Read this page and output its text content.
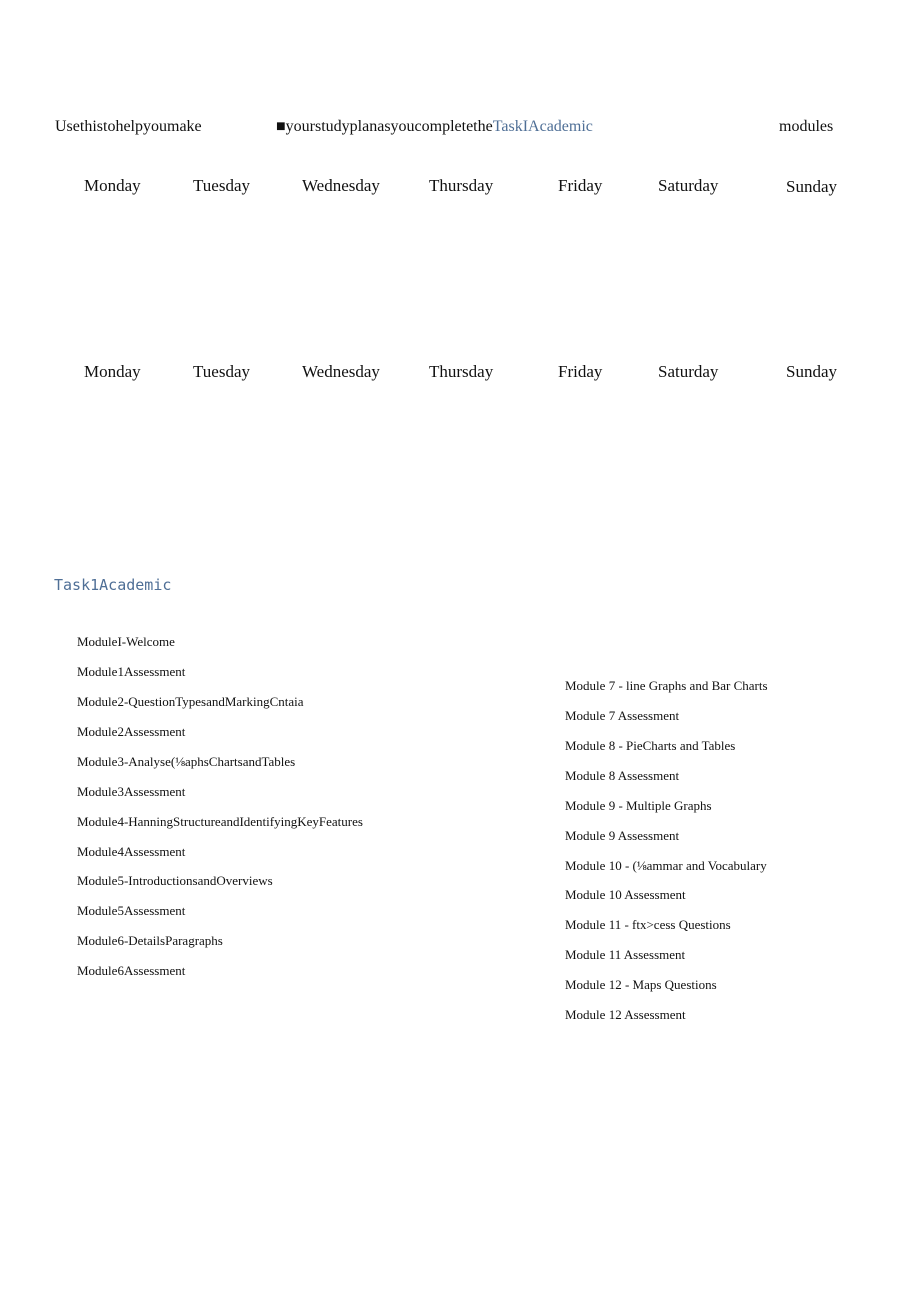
Usethistohelpyoumake	■yourstudyplanasyoucompletetheTaskIAcademic	modules
Monday	Tuesday	Wednesday	Thursday	Friday	Saturday	Sunday
Monday	Tuesday	Wednesday	Thursday	Friday	Saturday	Sunday
Task1Academic
ModuleI-Welcome
Module1Assessment
Module2-QuestionTypesandMarkingCntaia
Module2Assessment
Module3-Analyse(⅛aphsChartsandTables
Module3Assessment
Module4-HanningStructureandIdentifyingKeyFeatures
Module4Assessment
Module5-IntroductionsandOverviews
Module5Assessment
Module6-DetailsParagraphs
Module6Assessment
Module 7 - line Graphs and Bar Charts
Module 7 Assessment
Module 8 - PieCharts and Tables
Module 8 Assessment
Module 9 - Multiple Graphs
Module 9 Assessment
Module 10 - (⅛ammar and Vocabulary
Module 10 Assessment
Module 11 - ftx>cess Questions
Module 11 Assessment
Module 12 - Maps Questions
Module 12 Assessment
